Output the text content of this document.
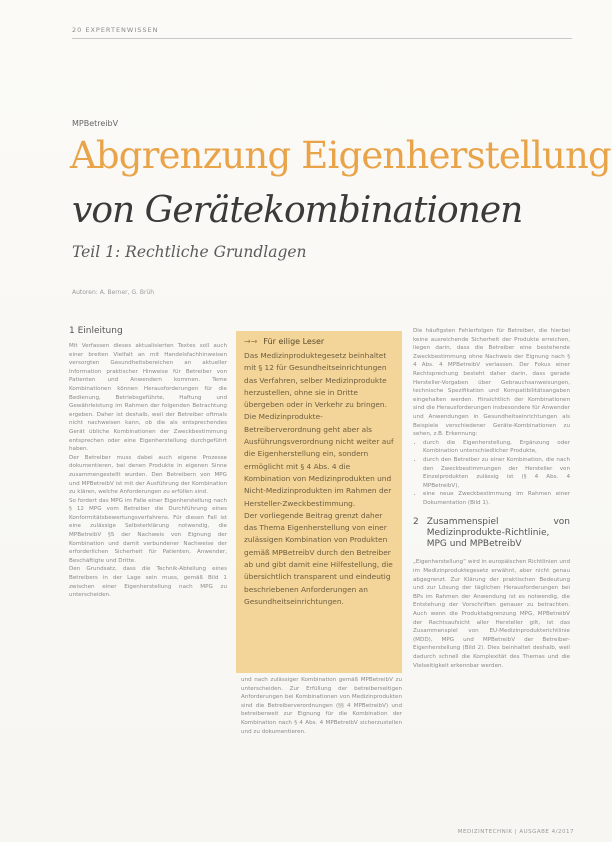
20 EXPERTENWISSEN
MPBetreibV
Abgrenzung Eigenherstellung
von Gerätekombinationen
Teil 1: Rechtliche Grundlagen
Autoren: A. Berner, G. Brüh
1 Einleitung

Mit Verfassen dieses aktualisierten Textes soll auch einer breiten Vielfalt an mit Handelsfachhinweisen versorgten Gesundheitsbereichen an aktueller Information praktischer Hinweise für Betreiber von Patienten und Anwendern kommen. Teme Kombinationen können Herausforderungen für die Bedienung, Betriebsgeführte, Haftung und Gewährleistung im Rahmen der folgenden Betrachtung ergeben. Daher ist deshalb, weil der Betreiber oftmals nicht nachweisen kann, ob die als entsprechendes Gerät übliche Kombinationen der Zweckbestimmung entsprechen oder eine Eigenherstellung durchgeführt haben.

Der Betreiber muss dabei auch eigene Prozesse dokumentieren, bei denen Produkte in eigenen Sinne zusammengestellt wurden. Den Betreibern von MPG und MPBetreibV ist mit der Ausführung der Kombination zu klären, welche Anforderungen zu erfüllen sind.

So fordert das MPG im Falle einer Eigenherstellung nach § 12 MPG vom Betreiber die Durchführung eines Konformitätsbewertungsverfahrens. Für diesen Fall ist eine zulässige Selbsterklärung notwendig, die MPBetreibV §5 der Nachweis von Eignung der Kombination und damit verbundener Nachweise der erforderlichen Sicherheit für Patienten, Anwender, Beschäftigte und Dritte.

Den Grundsatz, dass die Technik-Abteilung eines Betreibers in der Lage sein muss, gemäß Bild 1 zwischen einer Eigenherstellung nach MPG zu unterscheiden.

→→ Für eilige Leser
Das Medizinproduktegesetz beinhaltet mit § 12 für Gesundheitseinrichtungen das Verfahren, selber Medizinprodukte herzustellen, ohne sie in Dritte übergeben oder in Verkehr zu bringen. Die Medizinprodukte-Betreiberverordnung geht aber als Ausführungsverordnung nicht weiter auf die Eigenherstellung ein, sondern ermöglicht mit § 4 Abs. 4 die Kombination von Medizinprodukten und Nicht-Medizinprodukten im Rahmen der Hersteller-Zweckbestimmung.
Der vorliegende Beitrag grenzt daher das Thema Eigenherstellung von einer zulässigen Kombination von Produkten gemäß MPBetreibV durch den Betreiber ab und gibt damit eine Hilfestellung, die übersichtlich transparent und eindeutig beschriebenen Anforderungen an Gesundheitseinrichtungen.

und nach zulässiger Kombination gemäß MPBetreibV zu unterscheiden. Zur Erfüllung der betreiberseitigen Anforderungen bei Kombinationen von Medizinprodukten sind die Betreiberverordnungen (§§ 4 MPBetreibV) und betreiberweit zur Eignung für die Kombination der Kombination nach § 4 Abs. 4 MPBetreibV sicherzustellen und zu dokumentieren.

Die häufigsten Fehlerfolgen für Betreiber, die hierbei keine ausreichende Sicherheit der Produkte erreichen, liegen darin, dass die Betreiber eine bestehende Zweckbestimmung ohne Nachweis der Eignung nach § 4 Abs. 4 MPBetreibV verlassen. Der Fokus einer Rechtsprechung besteht daher darin, dass gerade Hersteller-Vorgaben über Gebrauchsanweisungen, technische Spezifikation und Kompatibilitätsangaben eingehalten werden. Hinsichtlich der Kombinationen sind die Herausforderungen insbesondere für Anwender und Anwendungen in Gesundheitseinrichtungen als Beispiele verschiedener Geräte-Kombinationen zu sehen, z.B. Erkennung:

• durch die Eigenherstellung, Ergänzung oder Kombination unterschiedlicher Produkte,
• durch den Betreiber zu einer Kombination, die nach den Zweckbestimmungen der Hersteller von Einzelprodukten zulässig ist (§ 4 Abs. 4 MPBetreibV),
• eine neue Zweckbestimmung im Rahmen einer Dokumentation (Bild 1).
2 Zusammenspiel von Medizinprodukte-Richtlinie, MPG und MPBetreibV

„Eigenherstellung“ wird in europäischen Richtlinien und im Medizinproduktegesetz erwähnt, aber nicht genau abgegrenzt. Zur Klärung der praktischen Bedeutung und zur Lösung der täglichen Herausforderungen bei BPs im Rahmen der Anwendung ist es notwendig, die Entstehung der Vorschriften genauer zu betrachten. Auch wenn die Produktabgrenzung MPG, MPBetreibV der Rechtsaufsicht aller Hersteller gilt, ist das Zusammenspiel von EU-Medizinprodukterichtlinie (MDD), MPG und MPBetreibV der Betreiber-Eigenherstellung (Bild 2). Dies beinhaltet deshalb, weil dadurch schnell die Komplexität des Themas und die Vielseitigkeit erkennbar werden.

MEDIZINTECHNIK | AUSGABE 4/2017
